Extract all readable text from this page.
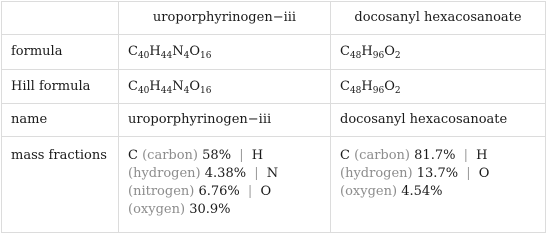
	uroporphyrinogen−iii	docosanyl hexacosanoate
formula	$C_{40}H_{44}N_4O_{16}$	$C_{48}H_{96}O_2$
Hill formula	$C_{40}H_{44}N_4O_{16}$	$C_{48}H_{96}O_2$
name	uroporphyrinogen−iii	docosanyl hexacosanoate
mass fractions	C (carbon) 58% | H (hydrogen) 4.38% | N (nitrogen) 6.76% | O (oxygen) 30.9%	C (carbon) 81.7% | H (hydrogen) 13.7% | O (oxygen) 4.54%
